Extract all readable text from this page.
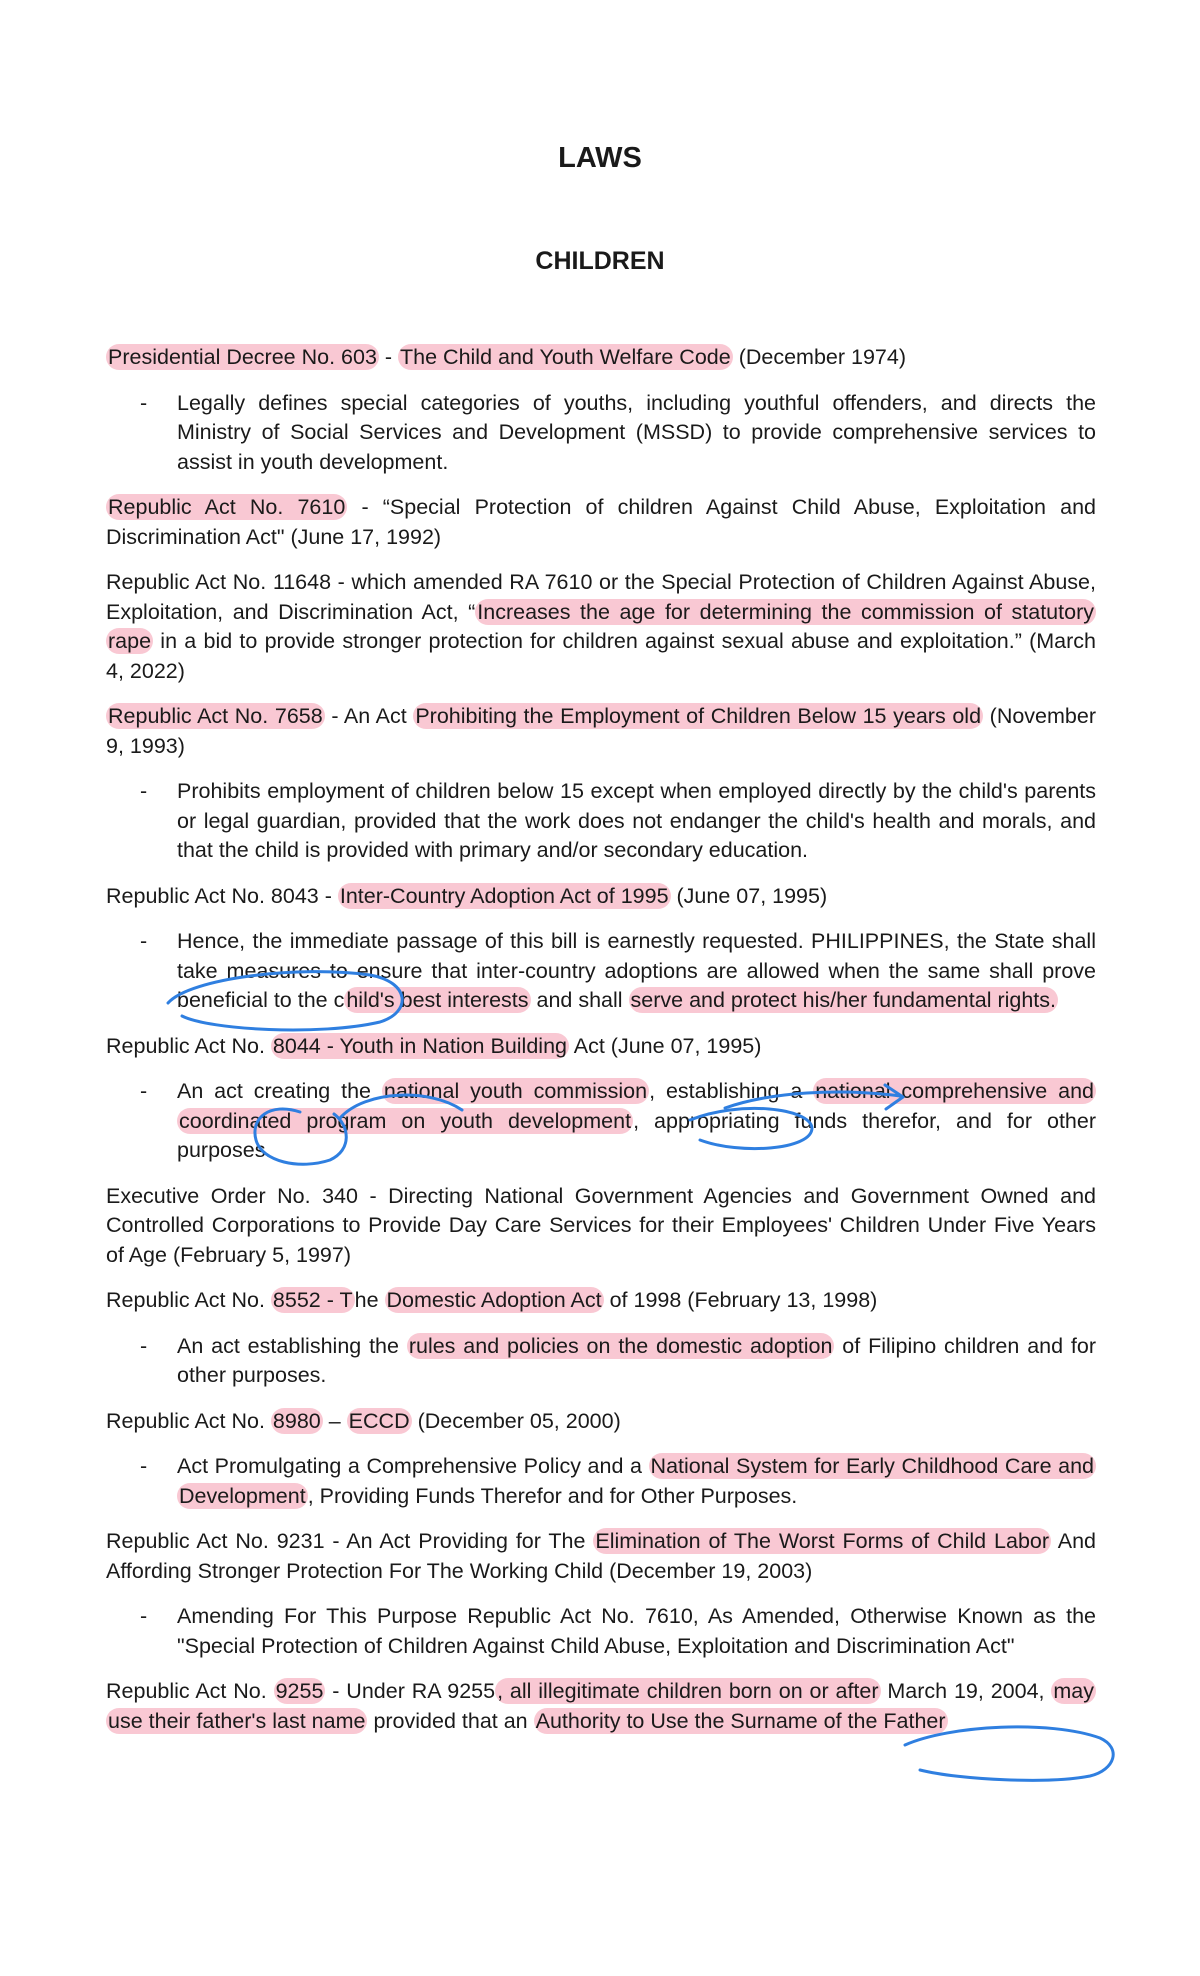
LAWS
CHILDREN

Presidential Decree No. 603 - The Child and Youth Welfare Code (December 1974)

- Legally defines special categories of youths, including youthful offenders, and directs the Ministry of Social Services and Development (MSSD) to provide comprehensive services to assist in youth development.

Republic Act No. 7610 - “Special Protection of children Against Child Abuse, Exploitation and Discrimination Act" (June 17, 1992)

Republic Act No. 11648 - which amended RA 7610 or the Special Protection of Children Against Abuse, Exploitation, and Discrimination Act, “Increases the age for determining the commission of statutory rape in a bid to provide stronger protection for children against sexual abuse and exploitation.” (March 4, 2022)

Republic Act No. 7658 - An Act Prohibiting the Employment of Children Below 15 years old (November 9, 1993)

- Prohibits employment of children below 15 except when employed directly by the child's parents or legal guardian, provided that the work does not endanger the child's health and morals, and that the child is provided with primary and/or secondary education.

Republic Act No. 8043 - Inter-Country Adoption Act of 1995 (June 07, 1995)

- Hence, the immediate passage of this bill is earnestly requested. PHILIPPINES, the State shall take measures to ensure that inter-country adoptions are allowed when the same shall prove beneficial to the child's best interests and shall serve and protect his/her fundamental rights.

Republic Act No. 8044 - Youth in Nation Building Act (June 07, 1995)

- An act creating the national youth commission, establishing a national comprehensive and coordinated program on youth development, appropriating funds therefor, and for other purposes.

Executive Order No. 340 - Directing National Government Agencies and Government Owned and Controlled Corporations to Provide Day Care Services for their Employees' Children Under Five Years of Age (February 5, 1997)

Republic Act No. 8552 - The Domestic Adoption Act of 1998 (February 13, 1998)

- An act establishing the rules and policies on the domestic adoption of Filipino children and for other purposes.

Republic Act No. 8980 – ECCD (December 05, 2000)

- Act Promulgating a Comprehensive Policy and a National System for Early Childhood Care and Development, Providing Funds Therefor and for Other Purposes.

Republic Act No. 9231 - An Act Providing for The Elimination of The Worst Forms of Child Labor And Affording Stronger Protection For The Working Child (December 19, 2003)

- Amending For This Purpose Republic Act No. 7610, As Amended, Otherwise Known as the "Special Protection of Children Against Child Abuse, Exploitation and Discrimination Act"

Republic Act No. 9255 - Under RA 9255, all illegitimate children born on or after March 19, 2004, may use their father's last name provided that an Authority to Use the Surname of the Father
